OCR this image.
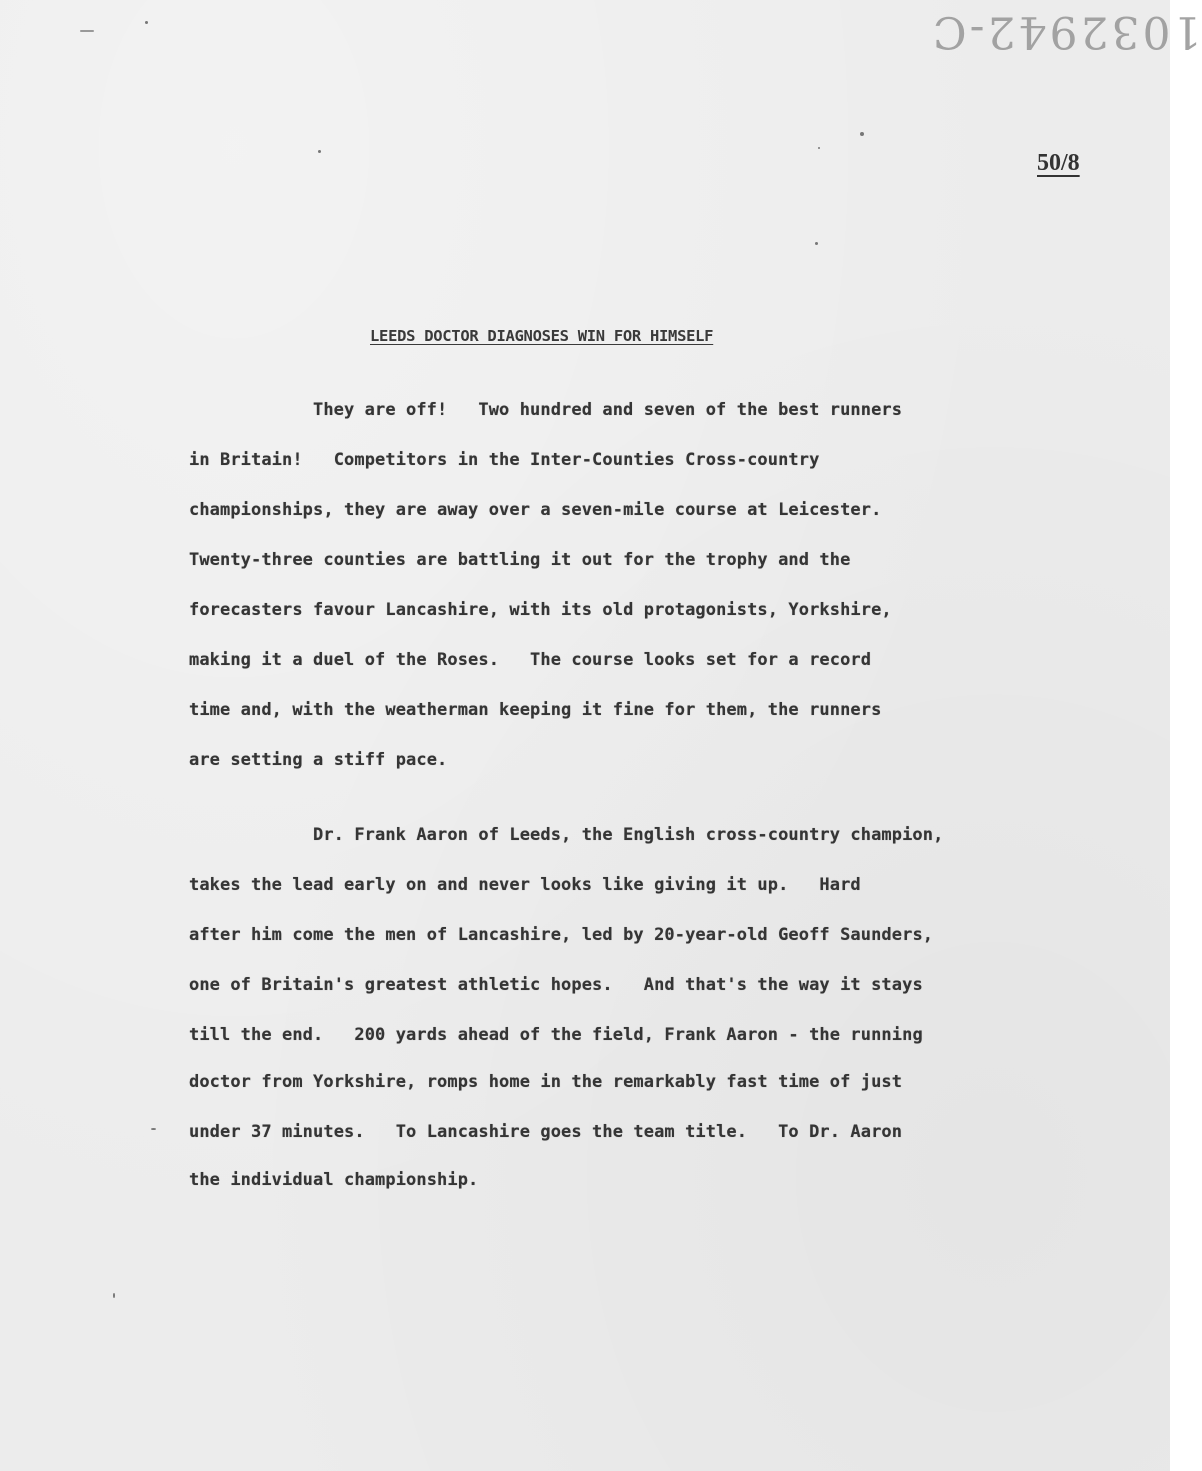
1032942-C
50/8
LEEDS DOCTOR DIAGNOSES WIN FOR HIMSELF
They are off!   Two hundred and seven of the best runners
in Britain!   Competitors in the Inter-Counties Cross-country
championships, they are away over a seven-mile course at Leicester.
Twenty-three counties are battling it out for the trophy and the
forecasters favour Lancashire, with its old protagonists, Yorkshire,
making it a duel of the Roses.   The course looks set for a record
time and, with the weatherman keeping it fine for them, the runners
are setting a stiff pace.
Dr. Frank Aaron of Leeds, the English cross-country champion,
takes the lead early on and never looks like giving it up.   Hard
after him come the men of Lancashire, led by 20-year-old Geoff Saunders,
one of Britain's greatest athletic hopes.   And that's the way it stays
till the end.   200 yards ahead of the field, Frank Aaron - the running
doctor from Yorkshire, romps home in the remarkably fast time of just
under 37 minutes.   To Lancashire goes the team title.   To Dr. Aaron
the individual championship.
